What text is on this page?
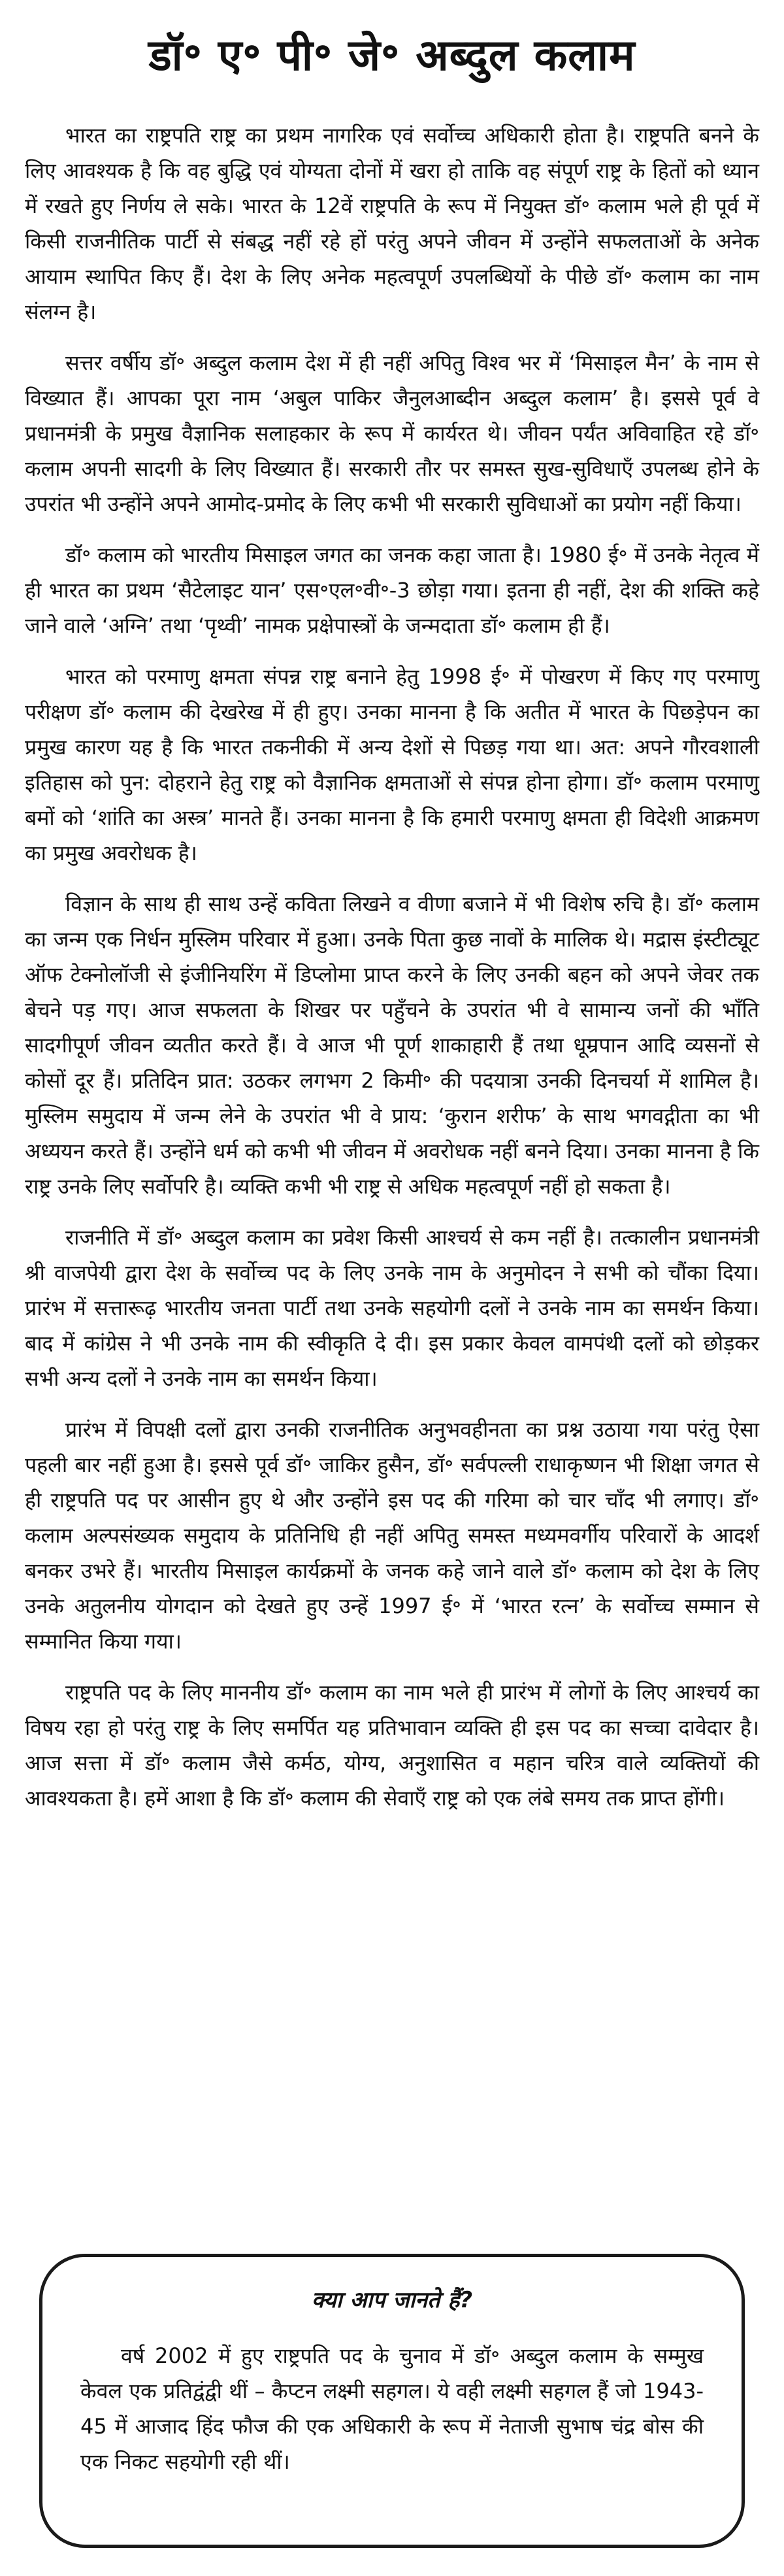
डॉ॰ ए॰ पी॰ जे॰ अब्दुल कलाम

भारत का राष्ट्रपति राष्ट्र का प्रथम नागरिक एवं सर्वोच्च अधिकारी होता है। राष्ट्रपति बनने के लिए आवश्यक है कि वह बुद्धि एवं योग्यता दोनों में खरा हो ताकि वह संपूर्ण राष्ट्र के हितों को ध्यान में रखते हुए निर्णय ले सके। भारत के 12वें राष्ट्रपति के रूप में नियुक्त डॉ॰ कलाम भले ही पूर्व में किसी राजनीतिक पार्टी से संबद्ध नहीं रहे हों परंतु अपने जीवन में उन्होंने सफलताओं के अनेक आयाम स्थापित किए हैं। देश के लिए अनेक महत्वपूर्ण उपलब्धियों के पीछे डॉ॰ कलाम का नाम संलग्न है।

सत्तर वर्षीय डॉ॰ अब्दुल कलाम देश में ही नहीं अपितु विश्व भर में ‘मिसाइल मैन’ के नाम से विख्यात हैं। आपका पूरा नाम ‘अबुल पाकिर जैनुलआब्दीन अब्दुल कलाम’ है। इससे पूर्व वे प्रधानमंत्री के प्रमुख वैज्ञानिक सलाहकार के रूप में कार्यरत थे। जीवन पर्यंत अविवाहित रहे डॉ॰ कलाम अपनी सादगी के लिए विख्यात हैं। सरकारी तौर पर समस्त सुख-सुविधाएँ उपलब्ध होने के उपरांत भी उन्होंने अपने आमोद-प्रमोद के लिए कभी भी सरकारी सुविधाओं का प्रयोग नहीं किया।

डॉ॰ कलाम को भारतीय मिसाइल जगत का जनक कहा जाता है। 1980 ई॰ में उनके नेतृत्व में ही भारत का प्रथम ‘सैटेलाइट यान’ एस॰एल॰वी॰-3 छोड़ा गया। इतना ही नहीं, देश की शक्ति कहे जाने वाले ‘अग्नि’ तथा ‘पृथ्वी’ नामक प्रक्षेपास्त्रों के जन्मदाता डॉ॰ कलाम ही हैं।

भारत को परमाणु क्षमता संपन्न राष्ट्र बनाने हेतु 1998 ई॰ में पोखरण में किए गए परमाणु परीक्षण डॉ॰ कलाम की देखरेख में ही हुए। उनका मानना है कि अतीत में भारत के पिछड़ेपन का प्रमुख कारण यह है कि भारत तकनीकी में अन्य देशों से पिछड़ गया था। अत: अपने गौरवशाली इतिहास को पुन: दोहराने हेतु राष्ट्र को वैज्ञानिक क्षमताओं से संपन्न होना होगा। डॉ॰ कलाम परमाणु बमों को ‘शांति का अस्त्र’ मानते हैं। उनका मानना है कि हमारी परमाणु क्षमता ही विदेशी आक्रमण का प्रमुख अवरोधक है।

विज्ञान के साथ ही साथ उन्हें कविता लिखने व वीणा बजाने में भी विशेष रुचि है। डॉ॰ कलाम का जन्म एक निर्धन मुस्लिम परिवार में हुआ। उनके पिता कुछ नावों के मालिक थे। मद्रास इंस्टीट्यूट ऑफ टेक्नोलॉजी से इंजीनियरिंग में डिप्लोमा प्राप्त करने के लिए उनकी बहन को अपने जेवर तक बेचने पड़ गए। आज सफलता के शिखर पर पहुँचने के उपरांत भी वे सामान्य जनों की भाँति सादगीपूर्ण जीवन व्यतीत करते हैं। वे आज भी पूर्ण शाकाहारी हैं तथा धूम्रपान आदि व्यसनों से कोसों दूर हैं। प्रतिदिन प्रात: उठकर लगभग 2 किमी॰ की पदयात्रा उनकी दिनचर्या में शामिल है। मुस्लिम समुदाय में जन्म लेने के उपरांत भी वे प्राय: ‘कुरान शरीफ’ के साथ भगवद्गीता का भी अध्ययन करते हैं। उन्होंने धर्म को कभी भी जीवन में अवरोधक नहीं बनने दिया। उनका मानना है कि राष्ट्र उनके लिए सर्वोपरि है। व्यक्ति कभी भी राष्ट्र से अधिक महत्वपूर्ण नहीं हो सकता है।

राजनीति में डॉ॰ अब्दुल कलाम का प्रवेश किसी आश्चर्य से कम नहीं है। तत्कालीन प्रधानमंत्री श्री वाजपेयी द्वारा देश के सर्वोच्च पद के लिए उनके नाम के अनुमोदन ने सभी को चौंका दिया। प्रारंभ में सत्तारूढ़ भारतीय जनता पार्टी तथा उनके सहयोगी दलों ने उनके नाम का समर्थन किया। बाद में कांग्रेस ने भी उनके नाम की स्वीकृति दे दी। इस प्रकार केवल वामपंथी दलों को छोड़कर सभी अन्य दलों ने उनके नाम का समर्थन किया।

प्रारंभ में विपक्षी दलों द्वारा उनकी राजनीतिक अनुभवहीनता का प्रश्न उठाया गया परंतु ऐसा पहली बार नहीं हुआ है। इससे पूर्व डॉ॰ जाकिर हुसैन, डॉ॰ सर्वपल्ली राधाकृष्णन भी शिक्षा जगत से ही राष्ट्रपति पद पर आसीन हुए थे और उन्होंने इस पद की गरिमा को चार चाँद भी लगाए। डॉ॰ कलाम अल्पसंख्यक समुदाय के प्रतिनिधि ही नहीं अपितु समस्त मध्यमवर्गीय परिवारों के आदर्श बनकर उभरे हैं। भारतीय मिसाइल कार्यक्रमों के जनक कहे जाने वाले डॉ॰ कलाम को देश के लिए उनके अतुलनीय योगदान को देखते हुए उन्हें 1997 ई॰ में ‘भारत रत्न’ के सर्वोच्च सम्मान से सम्मानित किया गया।

राष्ट्रपति पद के लिए माननीय डॉ॰ कलाम का नाम भले ही प्रारंभ में लोगों के लिए आश्चर्य का विषय रहा हो परंतु राष्ट्र के लिए समर्पित यह प्रतिभावान व्यक्ति ही इस पद का सच्चा दावेदार है। आज सत्ता में डॉ॰ कलाम जैसे कर्मठ, योग्य, अनुशासित व महान चरित्र वाले व्यक्तियों की आवश्यकता है। हमें आशा है कि डॉ॰ कलाम की सेवाएँ राष्ट्र को एक लंबे समय तक प्राप्त होंगी।

क्या आप जानते हैं?

वर्ष 2002 में हुए राष्ट्रपति पद के चुनाव में डॉ॰ अब्दुल कलाम के सम्मुख केवल एक प्रतिद्वंद्वी थीं – कैप्टन लक्ष्मी सहगल। ये वही लक्ष्मी सहगल हैं जो 1943-45 में आजाद हिंद फौज की एक अधिकारी के रूप में नेताजी सुभाष चंद्र बोस की एक निकट सहयोगी रही थीं।
